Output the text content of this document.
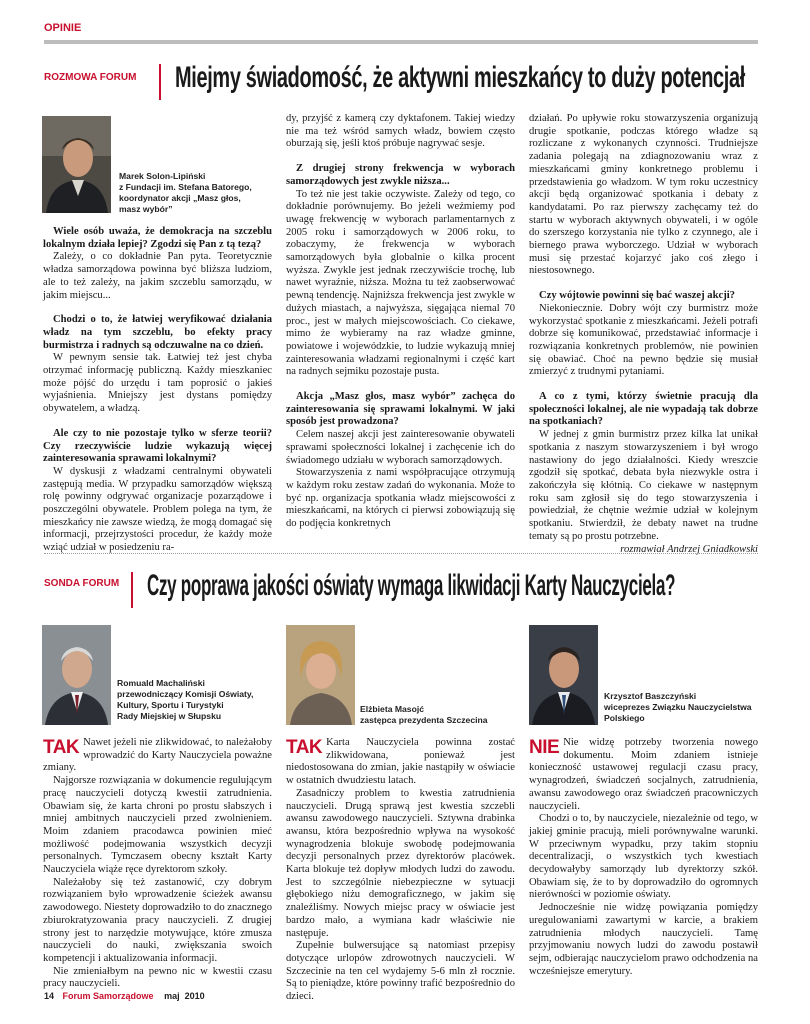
OPINIE
ROZMOWA FORUM Miejmy świadomość, że aktywni mieszkańcy to duży potencjał
Marek Solon-Lipiński
z Fundacji im. Stefana Batorego,
koordynator akcji „Masz głos,
masz wybór”

Wiele osób uważa, że demokracja na szczeblu lokalnym działa lepiej? Zgodzi się Pan z tą tezą?

Zależy, o co dokładnie Pan pyta. Teoretycznie władza samorządowa powinna być bliższa ludziom, ale to też zależy, na jakim szczeblu samorządu, w jakim miejscu...

Chodzi o to, że łatwiej weryfikować działania władz na tym szczeblu, bo efekty pracy burmistrza i radnych są odczuwalne na co dzień.

W pewnym sensie tak. Łatwiej też jest chyba otrzymać informację publiczną. Każdy mieszkaniec może pójść do urzędu i tam poprosić o jakieś wyjaśnienia. Mniejszy jest dystans pomiędzy obywatelem, a władzą.

Ale czy to nie pozostaje tylko w sferze teorii? Czy rzeczywiście ludzie wykazują więcej zainteresowania sprawami lokalnymi?

W dyskusji z władzami centralnymi obywateli zastępują media. W przypadku samorządów większą rolę powinny odgrywać organizacje pozarządowe i poszczególni obywatele. Problem polega na tym, że mieszkańcy nie zawsze wiedzą, że mogą domagać się informacji, przejrzystości procedur, że każdy może wziąć udział w posiedzeniu ra-

dy, przyjść z kamerą czy dyktafonem. Takiej wiedzy nie ma też wśród samych władz, bowiem często oburzają się, jeśli ktoś próbuje nagrywać sesje.

Z drugiej strony frekwencja w wyborach samorządowych jest zwykle niższa...

To też nie jest takie oczywiste. Zależy od tego, co dokładnie porównujemy. Bo jeżeli weźmiemy pod uwagę frekwencję w wyborach parlamentarnych z 2005 roku i samorządowych w 2006 roku, to zobaczymy, że frekwencja w wyborach samorządowych była globalnie o kilka procent wyższa. Zwykle jest jednak rzeczywiście trochę, lub nawet wyraźnie, niższa. Można tu też zaobserwować pewną tendencję. Najniższa frekwencja jest zwykle w dużych miastach, a najwyższa, sięgająca niemal 70 proc., jest w małych miejscowościach. Co ciekawe, mimo że wybieramy na raz władze gminne, powiatowe i wojewódzkie, to ludzie wykazują mniej zainteresowania władzami regionalnymi i część kart na radnych sejmiku pozostaje pusta.

Akcja „Masz głos, masz wybór” zachęca do zainteresowania się sprawami lokalnymi. W jaki sposób jest prowadzona?

Celem naszej akcji jest zainteresowanie obywateli sprawami społeczności lokalnej i zachęcenie ich do świadomego udziału w wyborach samorządowych.

Stowarzyszenia z nami współpracujące otrzymują w każdym roku zestaw zadań do wykonania. Może to być np. organizacja spotkania władz miejscowości z mieszkańcami, na których ci pierwsi zobowiązują się do podjęcia konkretnych

działań. Po upływie roku stowarzyszenia organizują drugie spotkanie, podczas którego władze są rozliczane z wykonanych czynności. Trudniejsze zadania polegają na zdiagnozowaniu wraz z mieszkańcami gminy konkretnego problemu i przedstawienia go władzom. W tym roku uczestnicy akcji będą organizować spotkania i debaty z kandydatami. Po raz pierwszy zachęcamy też do startu w wyborach aktywnych obywateli, i w ogóle do szerszego korzystania nie tylko z czynnego, ale i biernego prawa wyborczego. Udział w wyborach musi się przestać kojarzyć jako coś złego i niestosownego.

Czy wójtowie powinni się bać waszej akcji?

Niekoniecznie. Dobry wójt czy burmistrz może wykorzystać spotkanie z mieszkańcami. Jeżeli potrafi dobrze się komunikować, przedstawiać informacje i rozwiązania konkretnych problemów, nie powinien się obawiać. Choć na pewno będzie się musiał zmierzyć z trudnymi pytaniami.

A co z tymi, którzy świetnie pracują dla społeczności lokalnej, ale nie wypadają tak dobrze na spotkaniach?

W jednej z gmin burmistrz przez kilka lat unikał spotkania z naszym stowarzyszeniem i był wrogo nastawiony do jego działalności. Kiedy wreszcie zgodził się spotkać, debata była niezwykle ostra i zakończyła się kłótnią. Co ciekawe w następnym roku sam zgłosił się do tego stowarzyszenia i powiedział, że chętnie weźmie udział w kolejnym spotkaniu. Stwierdził, że debaty nawet na trudne tematy są po prostu potrzebne.

rozmawiał Andrzej Gniadkowski

SONDA FORUM Czy poprawa jakości oświaty wymaga likwidacji Karty Nauczyciela?
Romuald Machaliński
przewodniczący Komisji Oświaty,
Kultury, Sportu i Turystyki
Rady Miejskiej w Słupsku

TAK Nawet jeżeli nie zlikwidować, to należałoby wprowadzić do Karty Nauczyciela poważne zmiany.

Najgorsze rozwiązania w dokumencie regulującym pracę nauczycieli dotyczą kwestii zatrudnienia. Obawiam się, że karta chroni po prostu słabszych i mniej ambitnych nauczycieli przed zwolnieniem. Moim zdaniem pracodawca powinien mieć możliwość podejmowania wszystkich decyzji personalnych. Tymczasem obecny kształt Karty Nauczyciela wiąże ręce dyrektorom szkoły.

Należałoby się też zastanowić, czy dobrym rozwiązaniem było wprowadzenie ścieżek awansu zawodowego. Niestety doprowadziło to do znacznego zbiurokratyzowania pracy nauczycieli. Z drugiej strony jest to narzędzie motywujące, które zmusza nauczycieli do nauki, zwiększania swoich kompetencji i aktualizowania informacji.

Nie zmieniałbym na pewno nic w kwestii czasu pracy nauczycieli.

Elżbieta Masojć
zastępca prezydenta Szczecina

TAK Karta Nauczyciela powinna zostać zlikwidowana, ponieważ jest niedostosowana do zmian, jakie nastąpiły w oświacie w ostatnich dwudziestu latach.

Zasadniczy problem to kwestia zatrudnienia nauczycieli. Drugą sprawą jest kwestia szczebli awansu zawodowego nauczycieli. Sztywna drabinka awansu, która bezpośrednio wpływa na wysokość wynagrodzenia blokuje swobodę podejmowania decyzji personalnych przez dyrektorów placówek. Karta blokuje też dopływ młodych ludzi do zawodu. Jest to szczególnie niebezpieczne w sytuacji głębokiego niżu demograficznego, w jakim się znaleźliśmy. Nowych miejsc pracy w oświacie jest bardzo mało, a wymiana kadr właściwie nie następuje.

Zupełnie bulwersujące są natomiast przepisy dotyczące urlopów zdrowotnych nauczycieli. W Szczecinie na ten cel wydajemy 5-6 mln zł rocznie. Są to pieniądze, które powinny trafić bezpośrednio do dzieci.

Krzysztof Baszczyński
wiceprezes Związku Nauczycielstwa
Polskiego

NIE Nie widzę potrzeby tworzenia nowego dokumentu. Moim zdaniem istnieje konieczność ustawowej regulacji czasu pracy, wynagrodzeń, świadczeń socjalnych, zatrudnienia, awansu zawodowego oraz świadczeń pracowniczych nauczycieli.

Chodzi o to, by nauczyciele, niezależnie od tego, w jakiej gminie pracują, mieli porównywalne warunki. W przeciwnym wypadku, przy takim stopniu decentralizacji, o wszystkich tych kwestiach decydowałyby samorządy lub dyrektorzy szkół. Obawiam się, że to by doprowadziło do ogromnych nierówności w poziomie oświaty.

Jednocześnie nie widzę powiązania pomiędzy uregulowaniami zawartymi w karcie, a brakiem zatrudnienia młodych nauczycieli. Tamę przyjmowaniu nowych ludzi do zawodu postawił sejm, odbierając nauczycielom prawo odchodzenia na wcześniejsze emerytury.

14 Forum Samorządowe maj  2010
